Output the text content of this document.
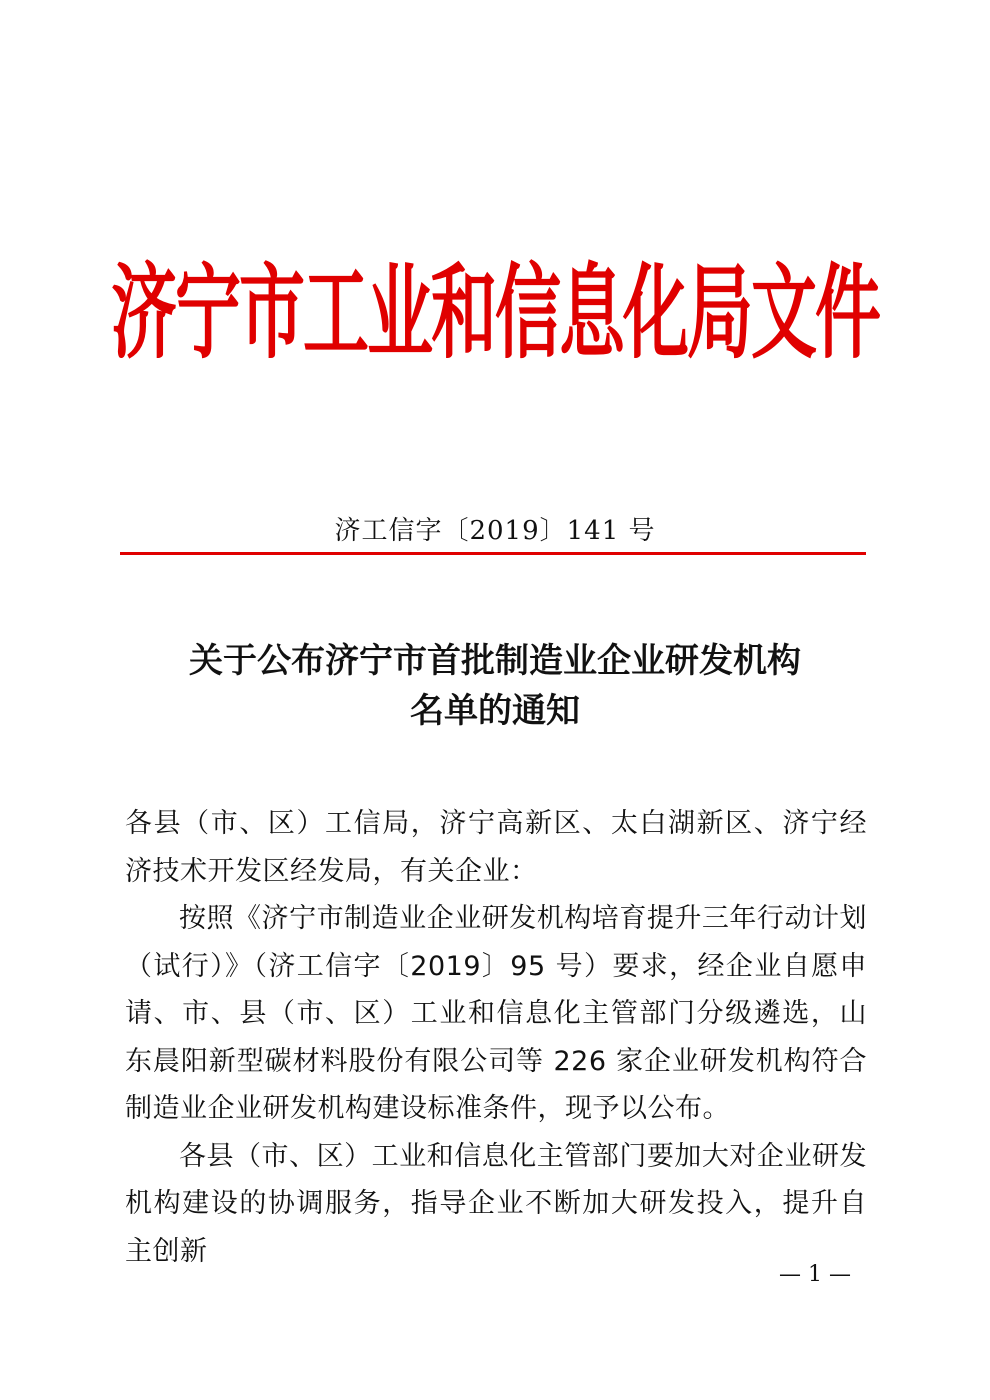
济宁市工业和信息化局文件
济工信字〔2019〕141 号
关于公布济宁市首批制造业企业研发机构
名单的通知

各县（市、区）工信局，济宁高新区、太白湖新区、济宁经济技术开发区经发局，有关企业：

按照《济宁市制造业企业研发机构培育提升三年行动计划（试行）》（济工信字〔2019〕95 号）要求，经企业自愿申请、市、县（市、区）工业和信息化主管部门分级遴选，山东晨阳新型碳材料股份有限公司等 226 家企业研发机构符合制造业企业研发机构建设标准条件，现予以公布。

各县（市、区）工业和信息化主管部门要加大对企业研发机构建设的协调服务，指导企业不断加大研发投入，提升自主创新

— 1 —
